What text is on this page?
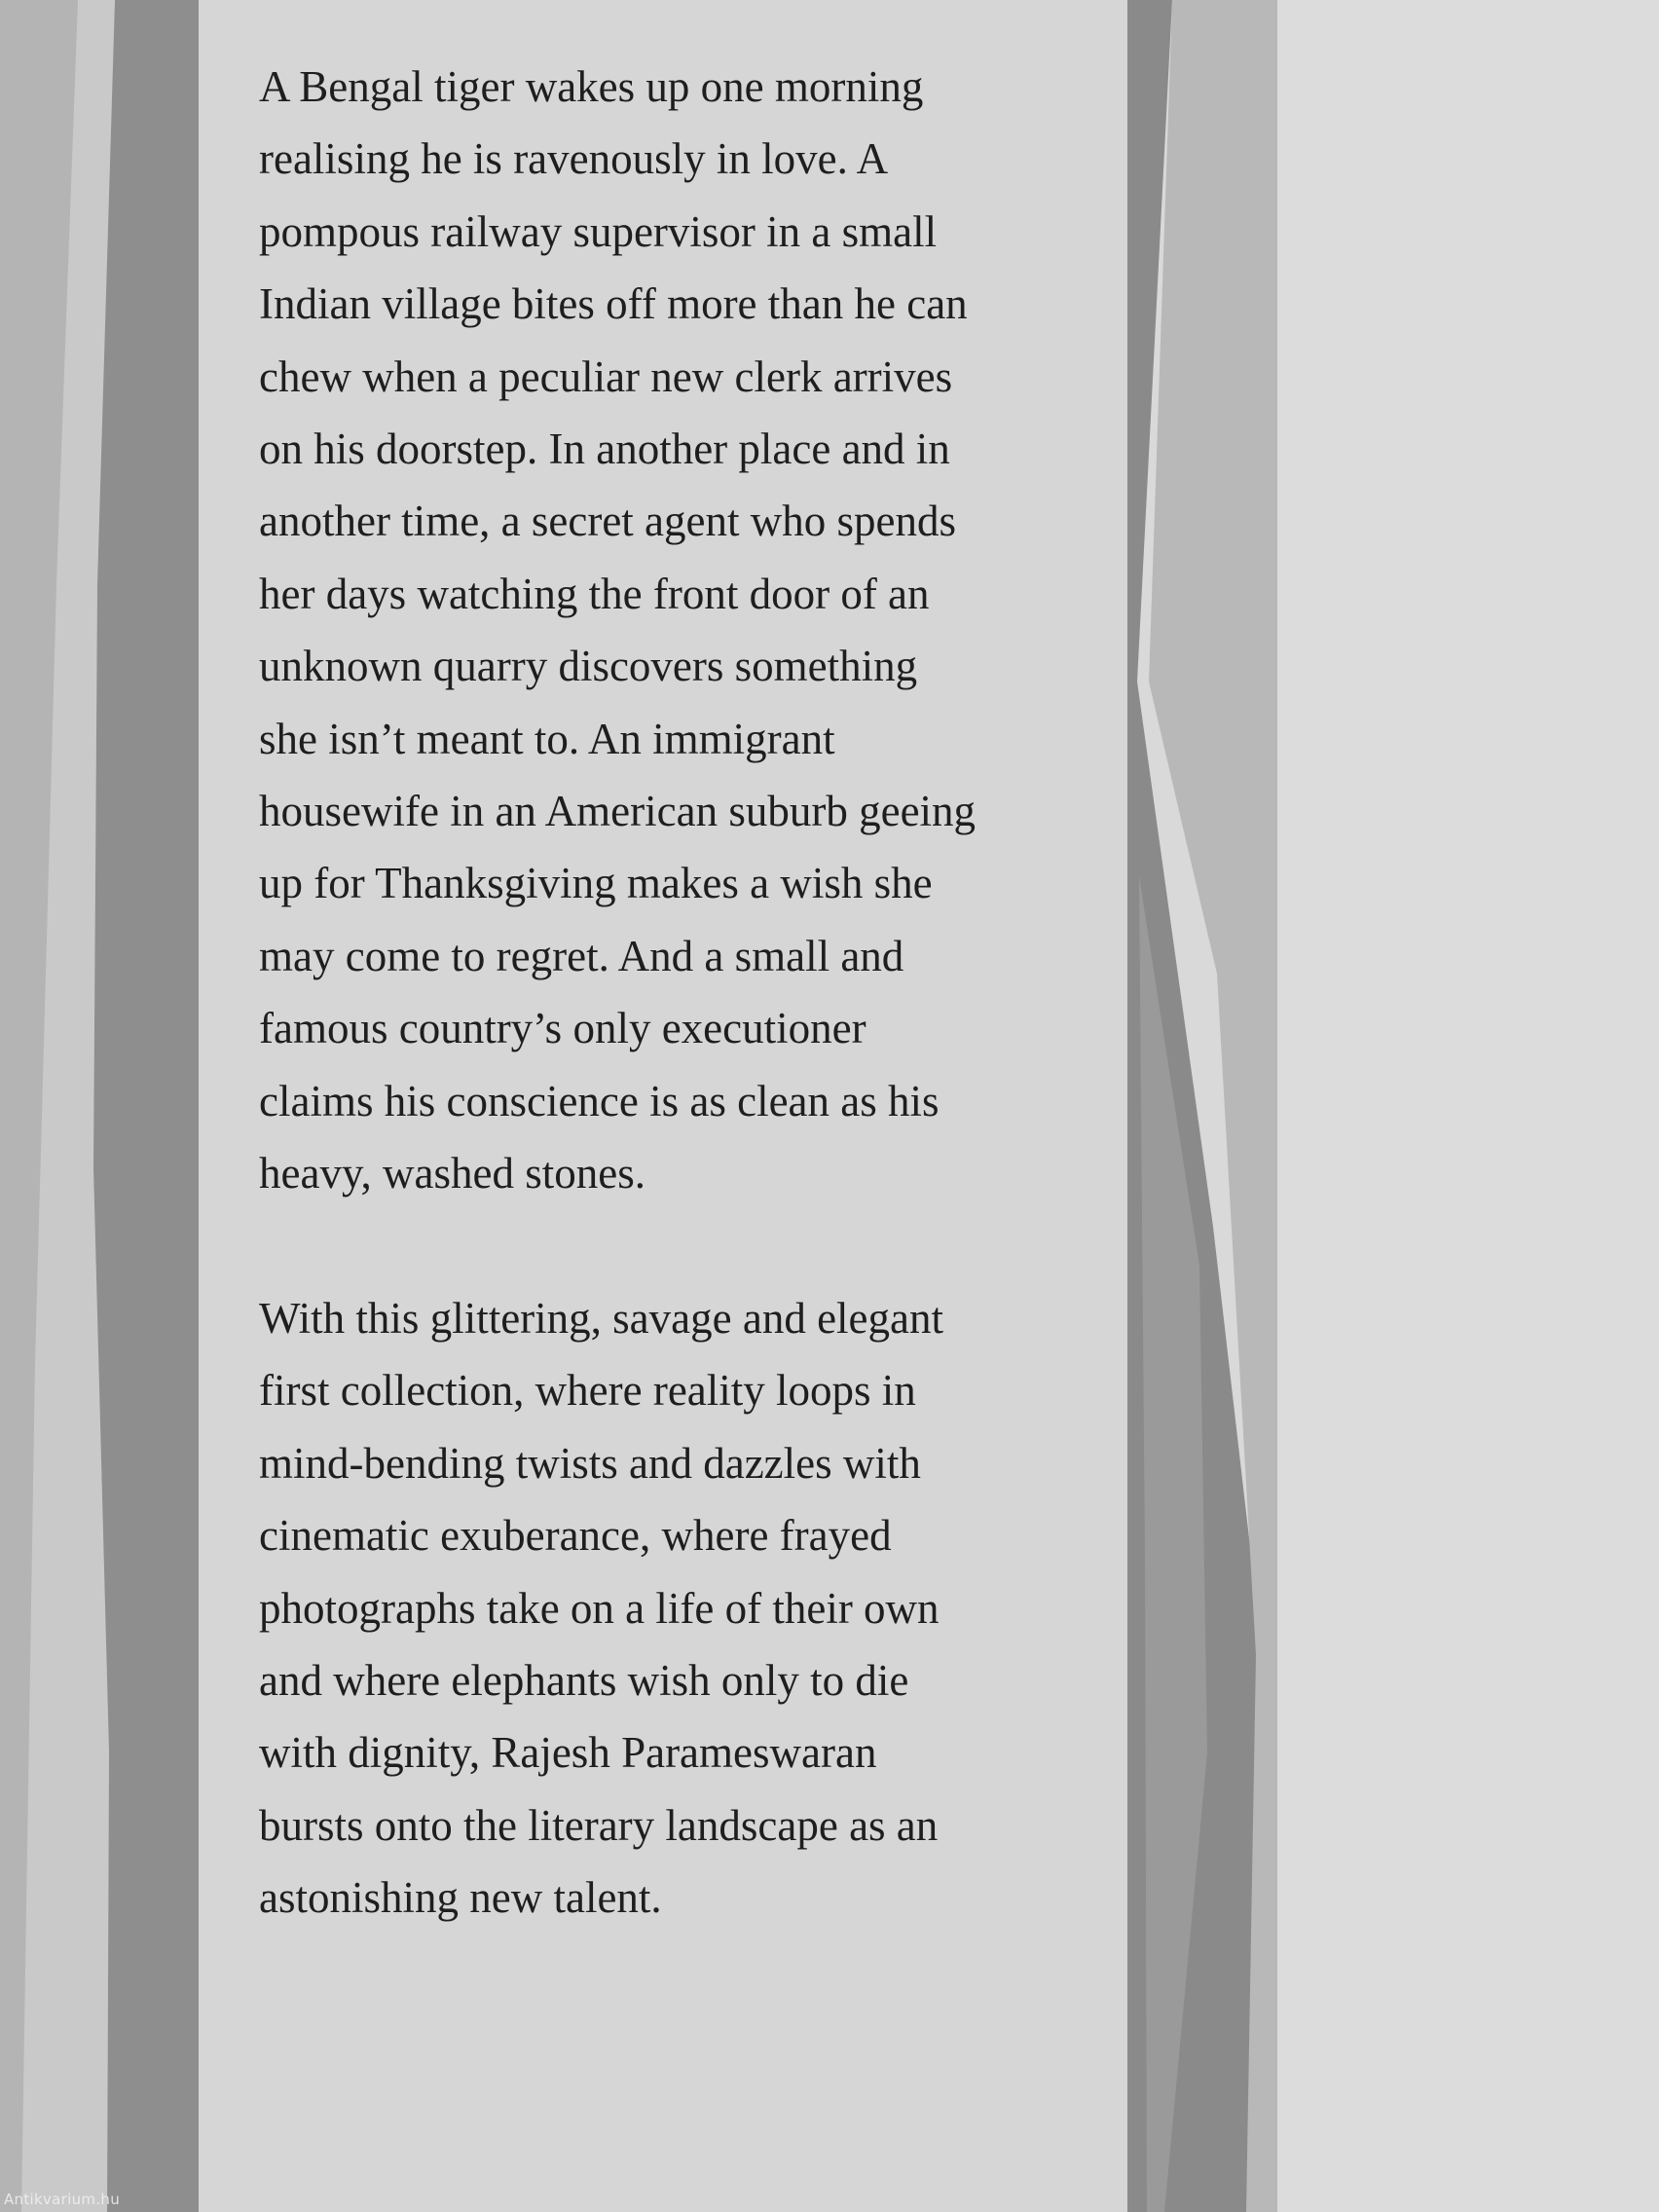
A Bengal tiger wakes up one morning
realising he is ravenously in love. A
pompous railway supervisor in a small
Indian village bites off more than he can
chew when a peculiar new clerk arrives
on his doorstep. In another place and in
another time, a secret agent who spends
her days watching the front door of an
unknown quarry discovers something
she isn’t meant to. An immigrant
housewife in an American suburb geeing
up for Thanksgiving makes a wish she
may come to regret. And a small and
famous country’s only executioner
claims his conscience is as clean as his
heavy, washed stones.
With this glittering, savage and elegant
first collection, where reality loops in
mind-bending twists and dazzles with
cinematic exuberance, where frayed
photographs take on a life of their own
and where elephants wish only to die
with dignity, Rajesh Parameswaran
bursts onto the literary landscape as an
astonishing new talent.
Antikvarium.hu
